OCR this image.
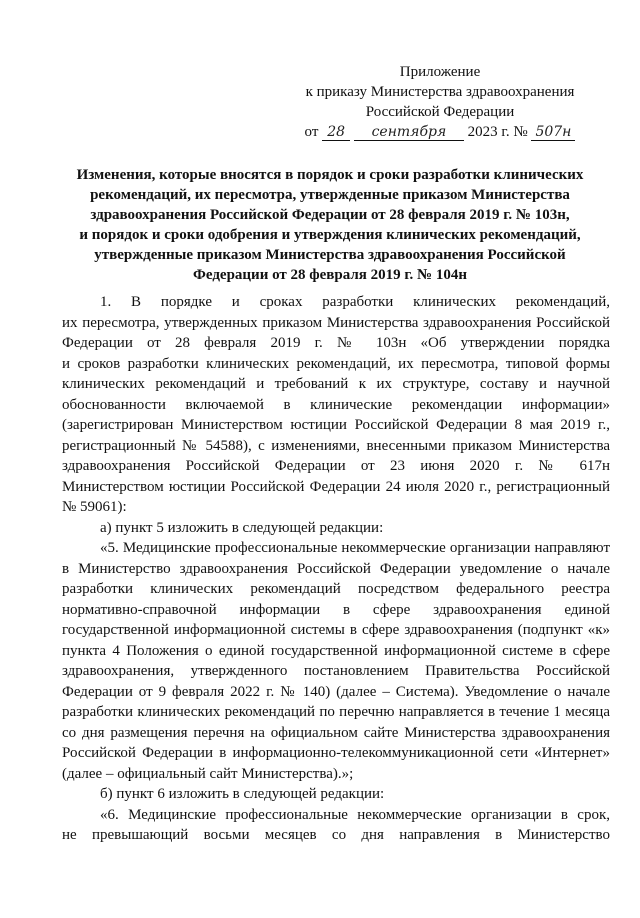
Приложение
к приказу Министерства здравоохранения
Российской Федерации
от 28 сентября 2023 г. № 507н
Изменения, которые вносятся в порядок и сроки разработки клинических
рекомендаций, их пересмотра, утвержденные приказом Министерства
здравоохранения Российской Федерации от 28 февраля 2019 г. № 103н,
и порядок и сроки одобрения и утверждения клинических рекомендаций,
утвержденные приказом Министерства здравоохранения Российской
Федерации от 28 февраля 2019 г. № 104н
1. В порядке и сроках разработки клинических рекомендаций,
их пересмотра, утвержденных приказом Министерства здравоохранения Российской
Федерации от 28 февраля 2019 г. № 103н «Об утверждении порядка
и сроков разработки клинических рекомендаций, их пересмотра, типовой формы
клинических рекомендаций и требований к их структуре, составу и научной
обоснованности включаемой в клинические рекомендации информации»
(зарегистрирован Министерством юстиции Российской Федерации 8 мая 2019 г.,
регистрационный № 54588), с изменениями, внесенными приказом Министерства
здравоохранения Российской Федерации от 23 июня 2020 г. № 617н
Министерством юстиции Российской Федерации 24 июля 2020 г., регистрационный
№ 59061):
а) пункт 5 изложить в следующей редакции:
«5. Медицинские профессиональные некоммерческие организации направляют
в Министерство здравоохранения Российской Федерации уведомление о начале
разработки клинических рекомендаций посредством федерального реестра
нормативно-справочной информации в сфере здравоохранения единой
государственной информационной системы в сфере здравоохранения (подпункт «к»
пункта 4 Положения о единой государственной информационной системе в сфере
здравоохранения, утвержденного постановлением Правительства Российской
Федерации от 9 февраля 2022 г. № 140) (далее – Система). Уведомление о начале
разработки клинических рекомендаций по перечню направляется в течение 1 месяца
со дня размещения перечня на официальном сайте Министерства здравоохранения
Российской Федерации в информационно-телекоммуникационной сети «Интернет»
(далее – официальный сайт Министерства).»;
б) пункт 6 изложить в следующей редакции:
«6. Медицинские профессиональные некоммерческие организации в срок,
не превышающий восьми месяцев со дня направления в Министерство
